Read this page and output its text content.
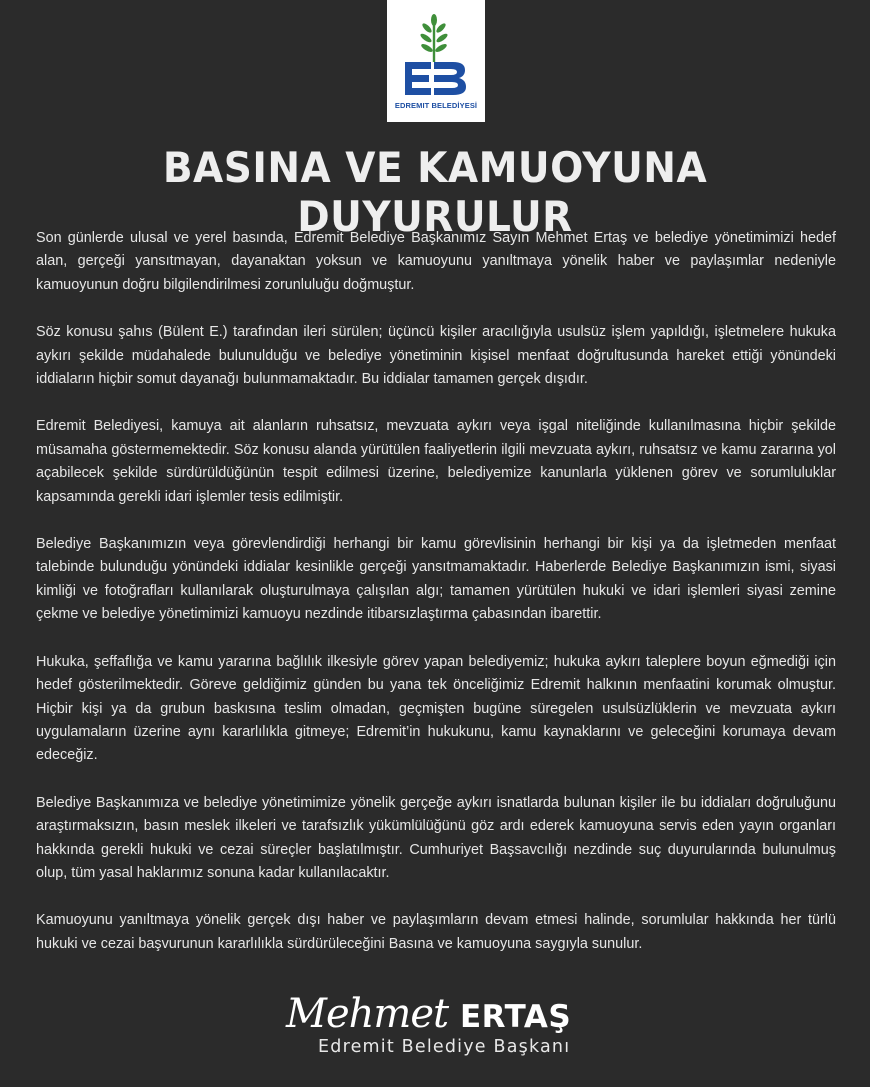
EDREMIT BELEDİYESİ
BASINA VE KAMUOYUNA DUYURULUR

Son günlerde ulusal ve yerel basında, Edremit Belediye Başkanımız Sayın Mehmet Ertaş ve belediye yönetimimizi hedef alan, gerçeği yansıtmayan, dayanaktan yoksun ve kamuoyunu yanıltmaya yönelik haber ve paylaşımlar nedeniyle kamuoyunun doğru bilgilendirilmesi zorunluluğu doğmuştur.

Söz konusu şahıs (Bülent E.) tarafından ileri sürülen; üçüncü kişiler aracılığıyla usulsüz işlem yapıldığı, işletmelere hukuka aykırı şekilde müdahalede bulunulduğu ve belediye yönetiminin kişisel menfaat doğrultusunda hareket ettiği yönündeki iddiaların hiçbir somut dayanağı bulunmamaktadır. Bu iddialar tamamen gerçek dışıdır.

Edremit Belediyesi, kamuya ait alanların ruhsatsız, mevzuata aykırı veya işgal niteliğinde kullanılmasına hiçbir şekilde müsamaha göstermemektedir. Söz konusu alanda yürütülen faaliyetlerin ilgili mevzuata aykırı, ruhsatsız ve kamu zararına yol açabilecek şekilde sürdürüldüğünün tespit edilmesi üzerine, belediyemize kanunlarla yüklenen görev ve sorumluluklar kapsamında gerekli idari işlemler tesis edilmiştir.

Belediye Başkanımızın veya görevlendirdiği herhangi bir kamu görevlisinin herhangi bir kişi ya da işletmeden menfaat talebinde bulunduğu yönündeki iddialar kesinlikle gerçeği yansıtmamaktadır. Haberlerde Belediye Başkanımızın ismi, siyasi kimliği ve fotoğrafları kullanılarak oluşturulmaya çalışılan algı; tamamen yürütülen hukuki ve idari işlemleri siyasi zemine çekme ve belediye yönetimimizi kamuoyu nezdinde itibarsızlaştırma çabasından ibarettir.

Hukuka, şeffaflığa ve kamu yararına bağlılık ilkesiyle görev yapan belediyemiz; hukuka aykırı taleplere boyun eğmediği için hedef gösterilmektedir. Göreve geldiğimiz günden bu yana tek önceliğimiz Edremit halkının menfaatini korumak olmuştur. Hiçbir kişi ya da grubun baskısına teslim olmadan, geçmişten bugüne süregelen usulsüzlüklerin ve mevzuata aykırı uygulamaların üzerine aynı kararlılıkla gitmeye; Edremit’in hukukunu, kamu kaynaklarını ve geleceğini korumaya devam edeceğiz.

Belediye Başkanımıza ve belediye yönetimimize yönelik gerçeğe aykırı isnatlarda bulunan kişiler ile bu iddiaları doğruluğunu araştırmaksızın, basın meslek ilkeleri ve tarafsızlık yükümlülüğünü göz ardı ederek kamuoyuna servis eden yayın organları hakkında gerekli hukuki ve cezai süreçler başlatılmıştır. Cumhuriyet Başsavcılığı nezdinde suç duyurularında bulunulmuş olup, tüm yasal haklarımız sonuna kadar kullanılacaktır.

Kamuoyunu yanıltmaya yönelik gerçek dışı haber ve paylaşımların devam etmesi halinde, sorumlular hakkında her türlü hukuki ve cezai başvurunun kararlılıkla sürdürüleceğini Basına ve kamuoyuna saygıyla sunulur.

Mehmet ERTAŞ
Edremit Belediye Başkanı
